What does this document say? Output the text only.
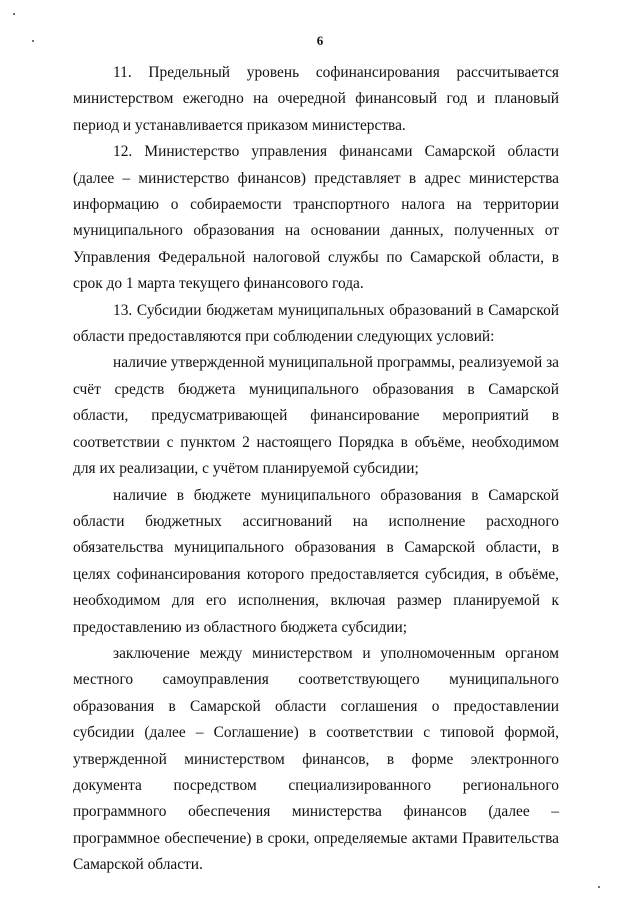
6

11. Предельный уровень софинансирования рассчитывается министерством ежегодно на очередной финансовый год и плановый период и устанавливается приказом министерства.

12. Министерство управления финансами Самарской области (далее – министерство финансов) представляет в адрес министерства информацию о собираемости транспортного налога на территории муниципального образования на основании данных, полученных от Управления Федеральной налоговой службы по Самарской области, в срок до 1 марта текущего финансового года.

13. Субсидии бюджетам муниципальных образований в Самарской области предоставляются при соблюдении следующих условий:

наличие утвержденной муниципальной программы, реализуемой за счёт средств бюджета муниципального образования в Самарской области, предусматривающей финансирование мероприятий в соответствии с пунктом 2 настоящего Порядка в объёме, необходимом для их реализации, с учётом планируемой субсидии;

наличие в бюджете муниципального образования в Самарской области бюджетных ассигнований на исполнение расходного обязательства муниципального образования в Самарской области, в целях софинансирования которого предоставляется субсидия, в объёме, необходимом для его исполнения, включая размер планируемой к предоставлению из областного бюджета субсидии;

заключение между министерством и уполномоченным органом местного самоуправления соответствующего муниципального образования в Самарской области соглашения о предоставлении субсидии (далее – Соглашение) в соответствии с типовой формой, утвержденной министерством финансов, в форме электронного документа посредством специализированного регионального программного обеспечения министерства финансов (далее – программное обеспечение) в сроки, определяемые актами Правительства Самарской области.
